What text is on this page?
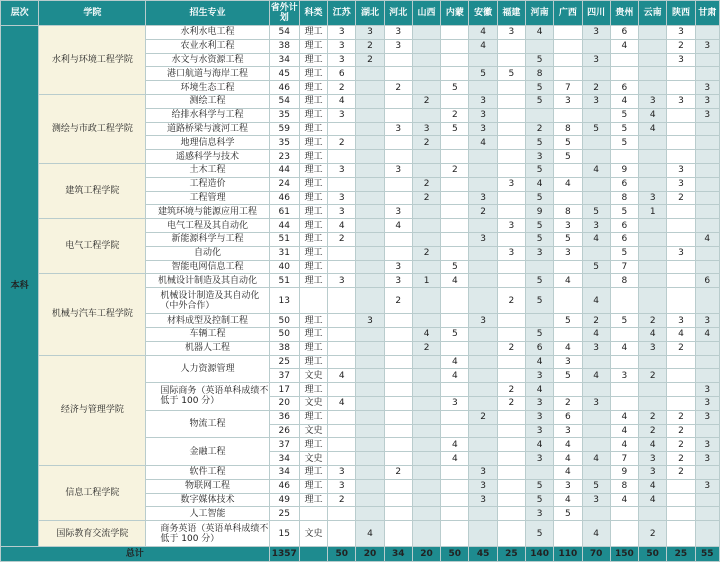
层次	学院	招生专业	省外计划	科类	江苏	湖北	河北	山西	内蒙	安徽	福建	河南	广西	四川	贵州	云南	陕西	甘肃
本科	水利与环境工程学院	水利水电工程	54	理工	3	3	3			4	3	4		3	6		3	
		农业水利工程	38	理工	3	2	3			4					4		2	3
		水文与水资源工程	34	理工	3	2						5		3			3	
		港口航道与海岸工程	45	理工	6					5	5	8						
		环境生态工程	46	理工	2		2		5			5	7	2	6			3
	测绘与市政工程学院	测绘工程	54	理工	4			2		3		5	3	3	4	3	3	3
		给排水科学与工程	35	理工	3				2	3					5	4		3
		道路桥梁与渡河工程	59	理工			3	3	5	3		2	8	5	5	4		
		地理信息科学	35	理工	2			2		4		5	5		5			
		遥感科学与技术	23	理工								3	5					
	建筑工程学院	土木工程	44	理工	3		3		2			5		4	9		3	
		工程造价	24	理工				2			3	4	4		6		3	
		工程管理	46	理工	3			2		3		5			8	3	2	
		建筑环境与能源应用工程	61	理工	3		3			2		9	8	5	5	1		
	电气工程学院	电气工程及其自动化	44	理工	4		4				3	5	3	3	6			
		新能源科学与工程	51	理工	2					3		5	5	4	6			4
		自动化	31	理工				2			3	3	3		5		3	
		智能电网信息工程	40	理工			3		5					5	7			
	机械与汽车工程学院	机械设计制造及其自动化	51	理工	3		3	1	4			5	4		8			6
		机械设计制造及其自动化（中外合作）	13				2				2	5		4				
		材料成型及控制工程	50	理工		3				3			5	2	5	2	3	3
		车辆工程	50	理工				4	5			5		4		4	4	4
		机器人工程	38	理工				2			2	6	4	3	4	3	2	
	经济与管理学院	人力资源管理	25	理工					4			4	3					
			37	文史	4				4			3	5	4	3	2		
		国际商务（英语单科成绩不低于 100 分）	17	理工							2	4						3
			20	文史	4				3		2	3	2	3				3
		物流工程	36	理工						2		3	6		4	2	2	3
			26	文史								3	3		4	2	2	
		金融工程	37	理工					4			4	4		4	4	2	3
			34	文史					4			3	4	4	7	3	2	3
	信息工程学院	软件工程	34	理工	3		2			3			4		9	3	2	
		物联网工程	46	理工	3					3		5	3	5	8	4		3
		数字媒体技术	49	理工	2					3		5	4	3	4	4		
		人工智能	25									3	5					
	国际教育交流学院	商务英语（英语单科成绩不低于 100 分）	15	文史		4						5		4		2		
总计			1357		50	20	34	20	50	45	25	140	110	70	150	50	25	55
